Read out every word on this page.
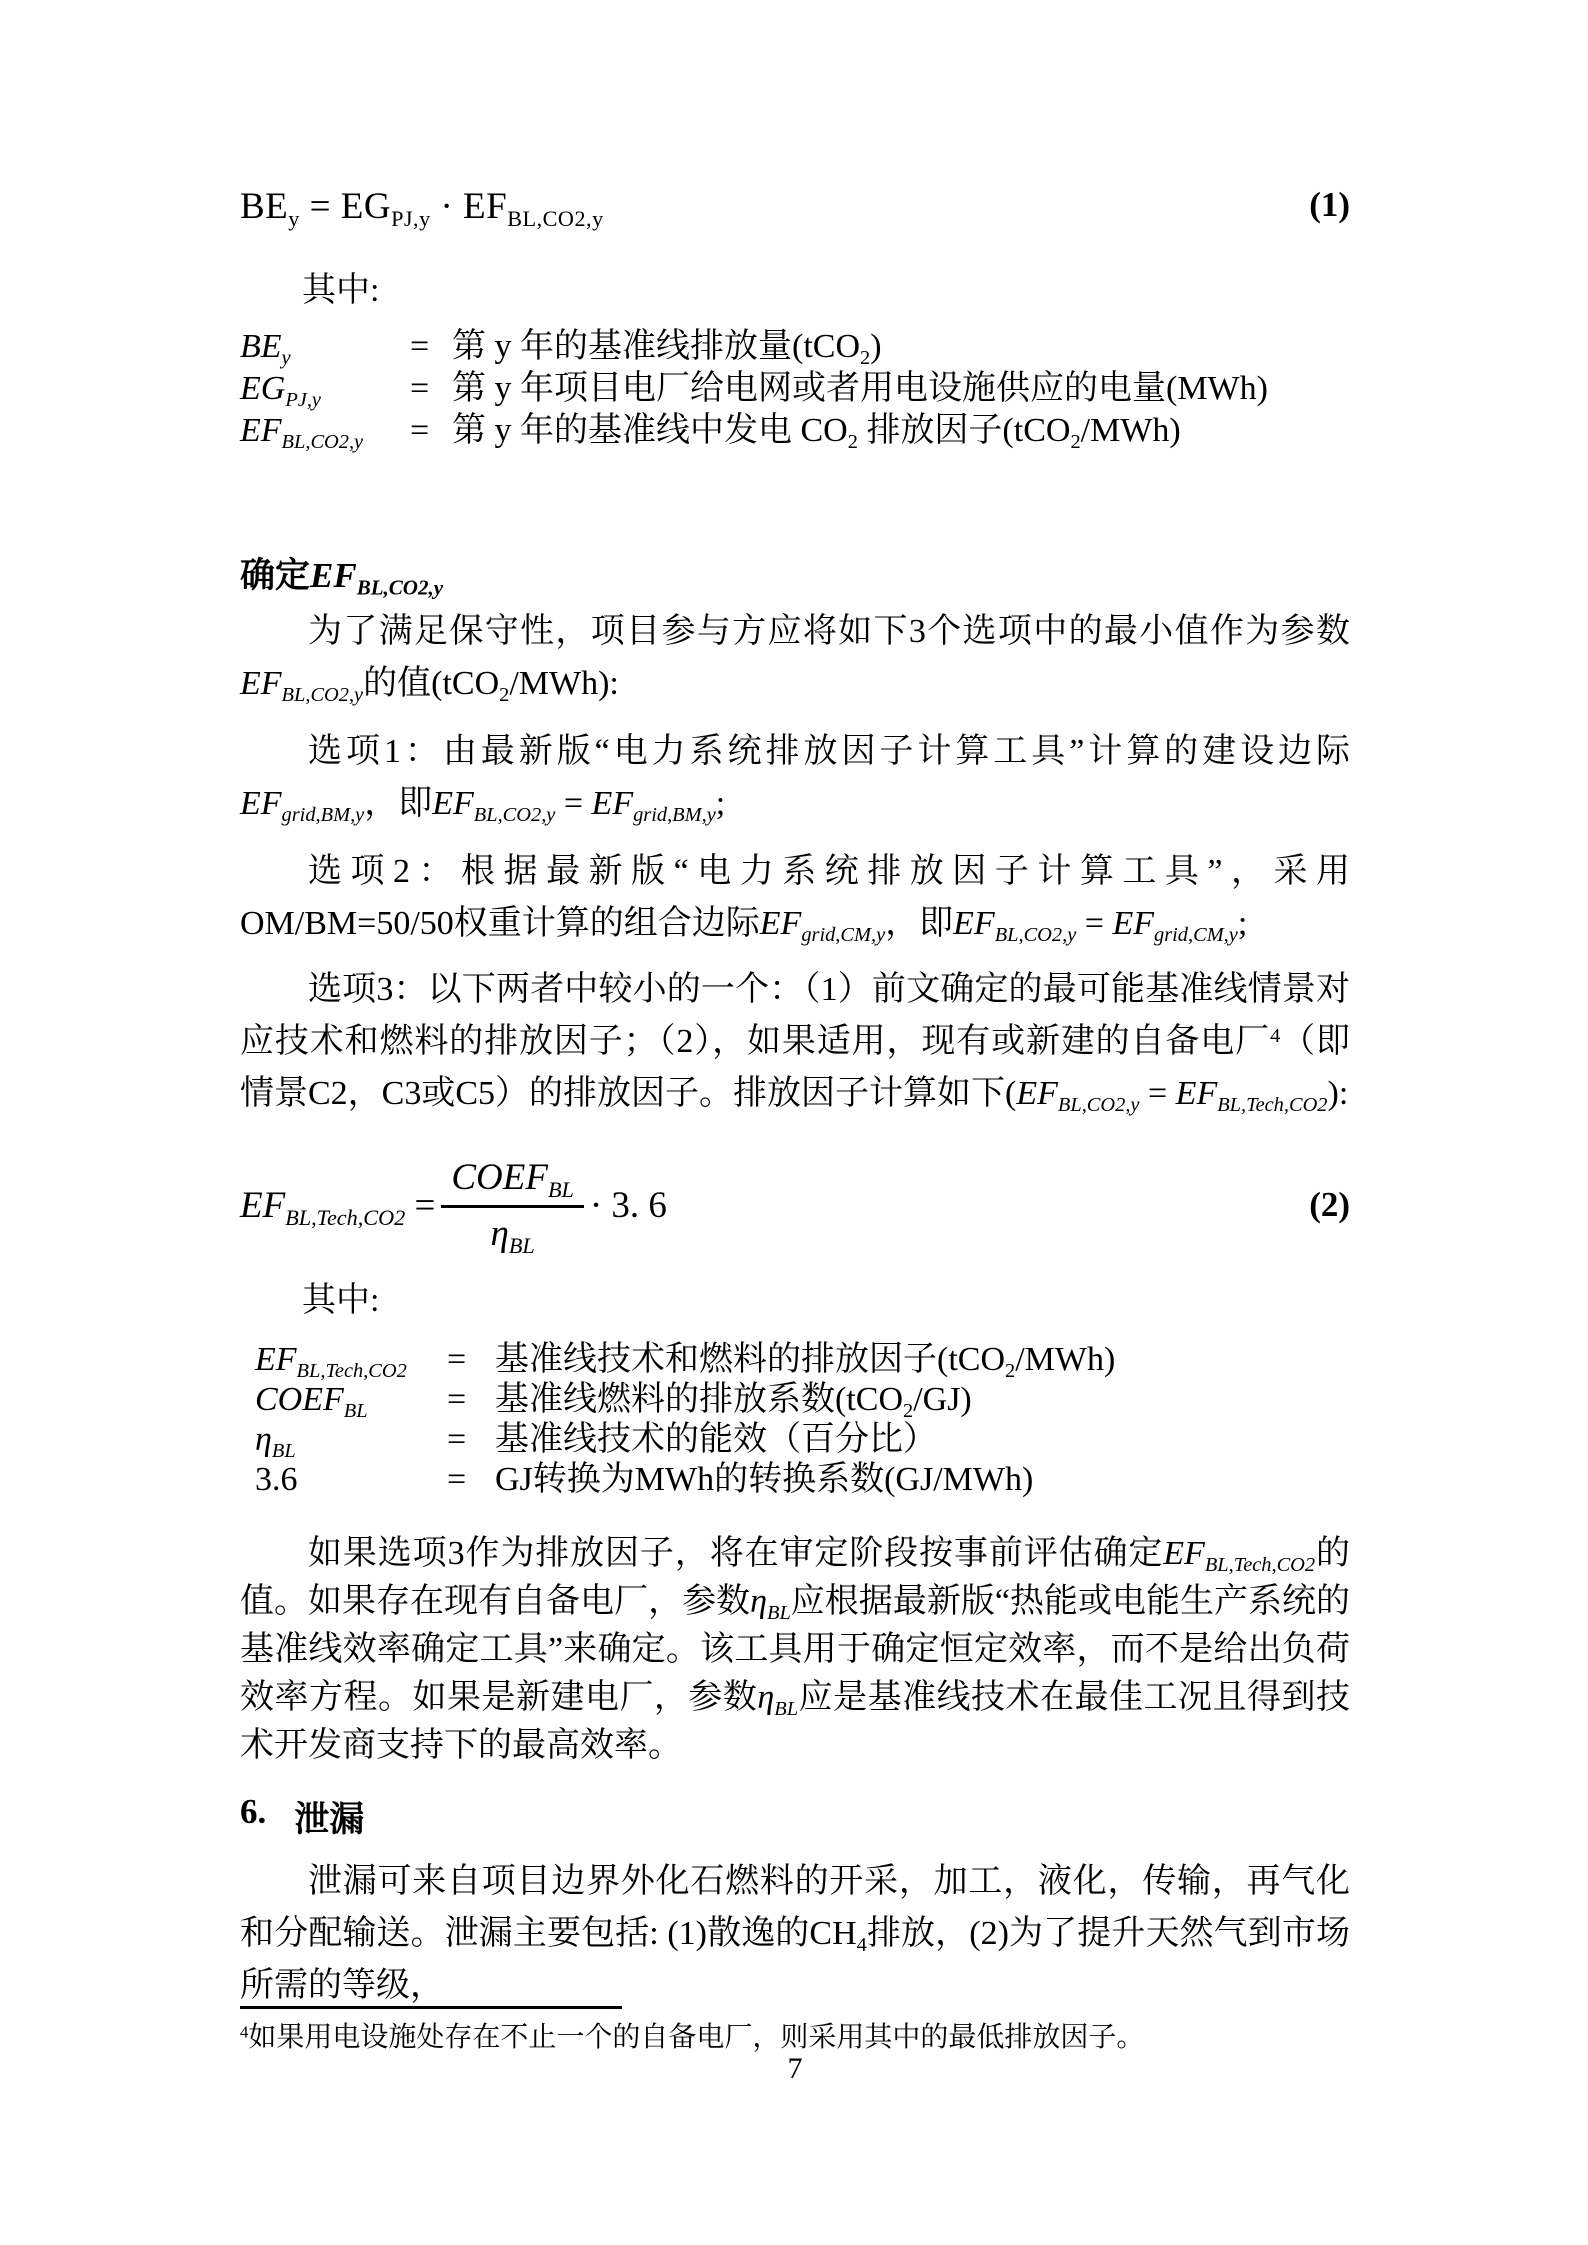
$BE_y = EG_{PJ,y} \cdot EF_{BL,CO2,y}$	(1)
其中:
$BE_y$	= 第 y 年的基准线排放量(tCO$_2$)
$EG_{PJ,y}$	= 第 y 年项目电厂给电网或者用电设施供应的电量(MWh)
$EF_{BL,CO2,y}$	= 第 y 年的基准线中发电 $CO_2$ 排放因子(tCO$_2$/MWh)
确定$EF_{BL,CO2,y}$

为了满足保守性，项目参与方应将如下3个选项中的最小值作为参数$EF_{BL,CO2,y}$的值(tCO$_2$/MWh):

选项1：由最新版“电力系统排放因子计算工具”计算的建设边际$EF_{grid,BM,y}$，即$EF_{BL,CO2,y} = EF_{grid,BM,y}$;

选项2：根据最新版“电力系统排放因子计算工具”，采用OM/BM=50/50权重计算的组合边际$EF_{grid,CM,y}$，即$EF_{BL,CO2,y} = EF_{grid,CM,y}$;

选项3：以下两者中较小的一个：（1）前文确定的最可能基准线情景对应技术和燃料的排放因子；（2），如果适用，现有或新建的自备电厂$^4$（即情景C2，C3或C5）的排放因子。排放因子计算如下$(EF_{BL,CO2,y} = EF_{BL,Tech,CO2})$:

$EF_{BL,Tech,CO2} = \frac{COEF_{BL}}{\eta_{BL}} \cdot 3$. 6	(2)
其中:
$EF_{BL,Tech,CO2}$	= 基准线技术和燃料的排放因子(tCO$_2$/MWh)
$COEF_{BL}$	= 基准线燃料的排放系数(tCO$_2$/GJ)
$\eta_{BL}$	= 基准线技术的能效（百分比）
3.6	= GJ转换为MWh的转换系数(GJ/MWh)

如果选项3作为排放因子，将在审定阶段按事前评估确定$EF_{BL,Tech,CO2}$的值。如果存在现有自备电厂，参数$\eta_{BL}$应根据最新版“热能或电能生产系统的基准线效率确定工具”来确定。该工具用于确定恒定效率，而不是给出负荷效率方程。如果是新建电厂，参数$\eta_{BL}$应是基准线技术在最佳工况且得到技术开发商支持下的最高效率。

6. 泄漏

泄漏可来自项目边界外化石燃料的开采，加工，液化，传输，再气化和分配输送。泄漏主要包括: (1)散逸的$CH_4$排放，(2)为了提升天然气到市场所需的等级，

$^4$如果用电设施处存在不止一个的自备电厂，则采用其中的最低排放因子。
7
